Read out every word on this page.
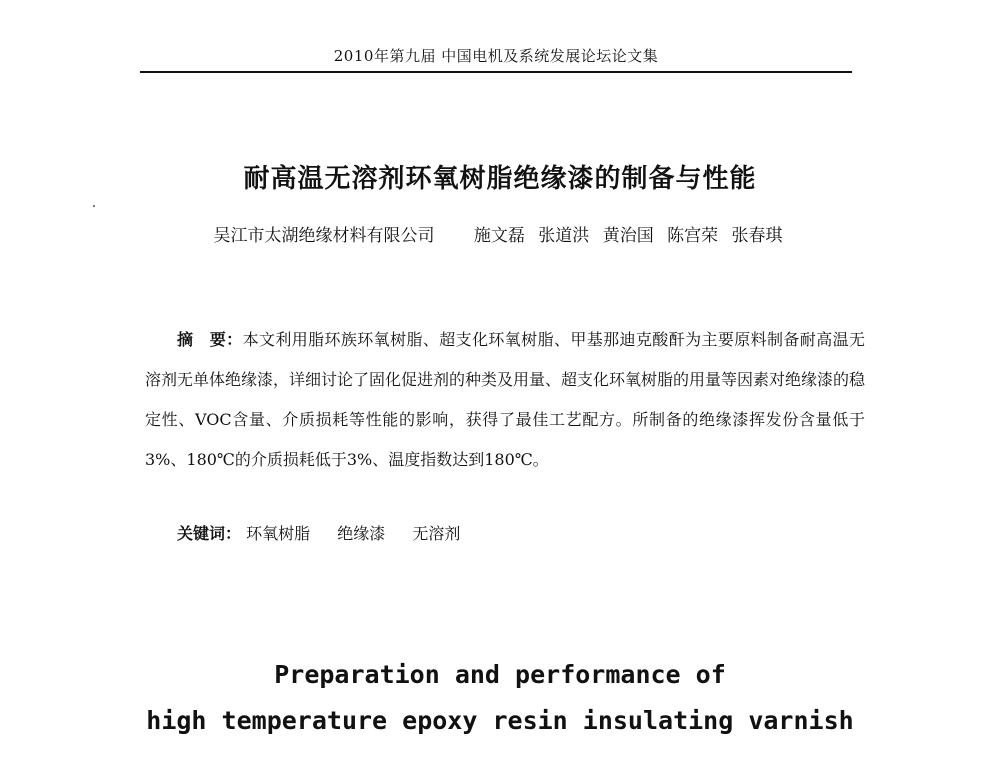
2010年第九届 中国电机及系统发展论坛论文集
耐高温无溶剂环氧树脂绝缘漆的制备与性能
吴江市太湖绝缘材料有限公司 施文磊 张道洪 黄治国 陈宫荣 张春琪

摘　要：本文利用脂环族环氧树脂、超支化环氧树脂、甲基那迪克酸酐为主要原料制备耐高温无溶剂无单体绝缘漆，详细讨论了固化促进剂的种类及用量、超支化环氧树脂的用量等因素对绝缘漆的稳定性、VOC含量、介质损耗等性能的影响，获得了最佳工艺配方。所制备的绝缘漆挥发份含量低于3%、180℃的介质损耗低于3%、温度指数达到180℃。

关键词： 环氧树脂 绝缘漆 无溶剂
Preparation and performance of
high temperature epoxy resin insulating varnish
